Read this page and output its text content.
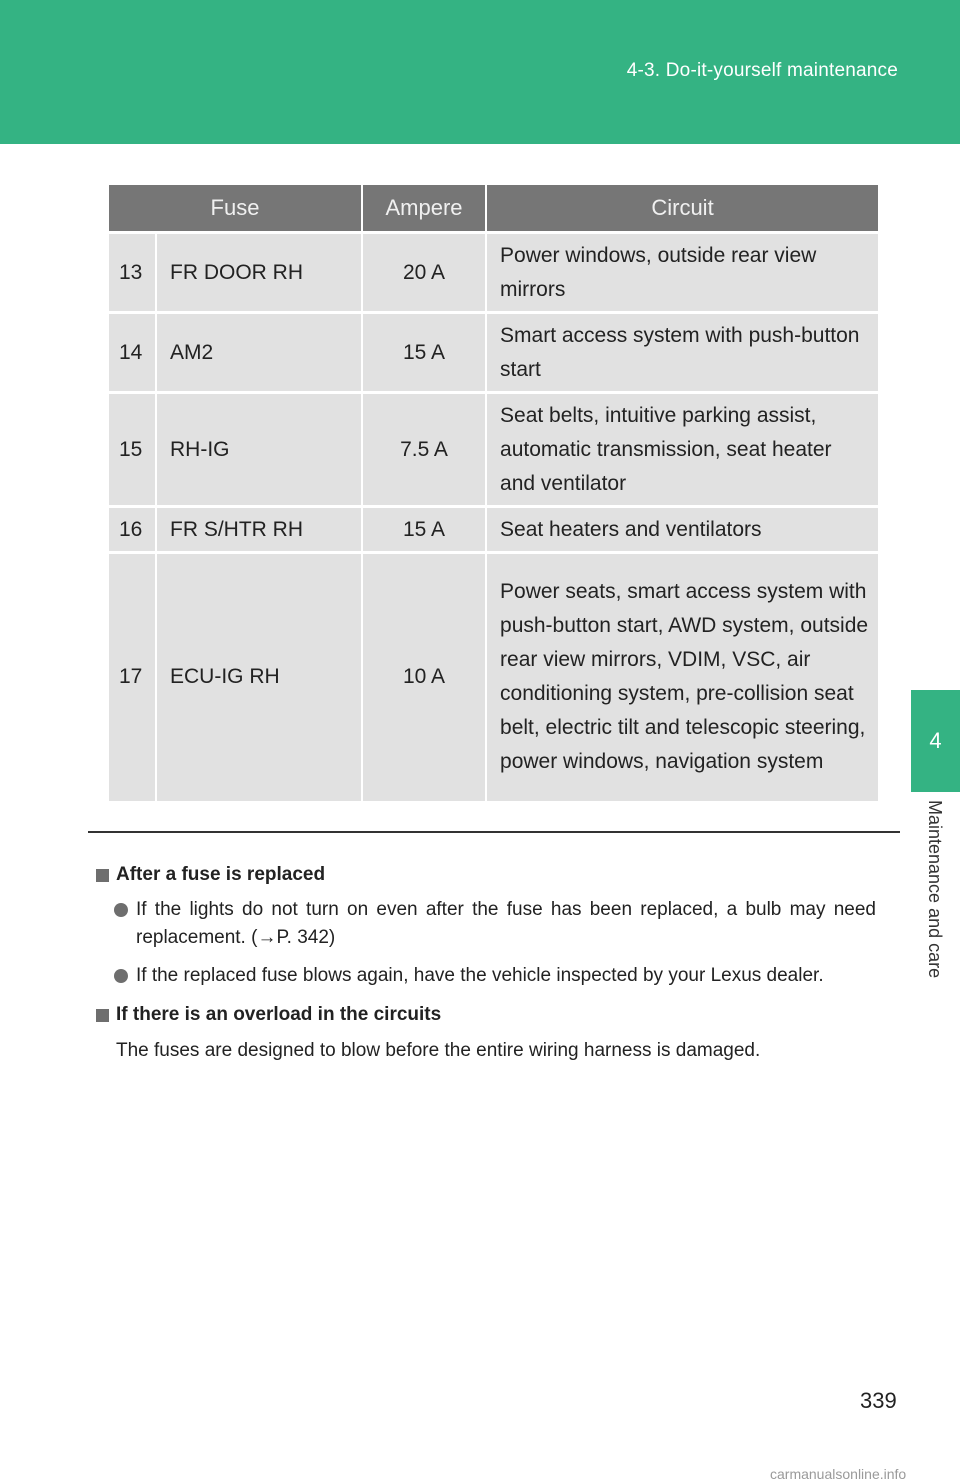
4-3. Do-it-yourself maintenance
4
Maintenance and care
Fuse		Ampere	Circuit
13	FR DOOR RH	20 A	Power windows, outside rear view mirrors
14	AM2	15 A	Smart access system with push-button start
15	RH-IG	7.5 A	Seat belts, intuitive parking assist, automatic transmission, seat heater and ventilator
16	FR S/HTR RH	15 A	Seat heaters and ventilators
17	ECU-IG RH	10 A	Power seats, smart access system with push-button start, AWD system, outside rear view mirrors, VDIM, VSC, air conditioning system, pre-collision seat belt, electric tilt and telescopic steering, power windows, navigation system

After a fuse is replaced

If the lights do not turn on even after the fuse has been replaced, a bulb may need replacement. (→P. 342)
If the replaced fuse blows again, have the vehicle inspected by your Lexus dealer.

If there is an overload in the circuits

The fuses are designed to blow before the entire wiring harness is damaged.
339
carmanualsonline.info
